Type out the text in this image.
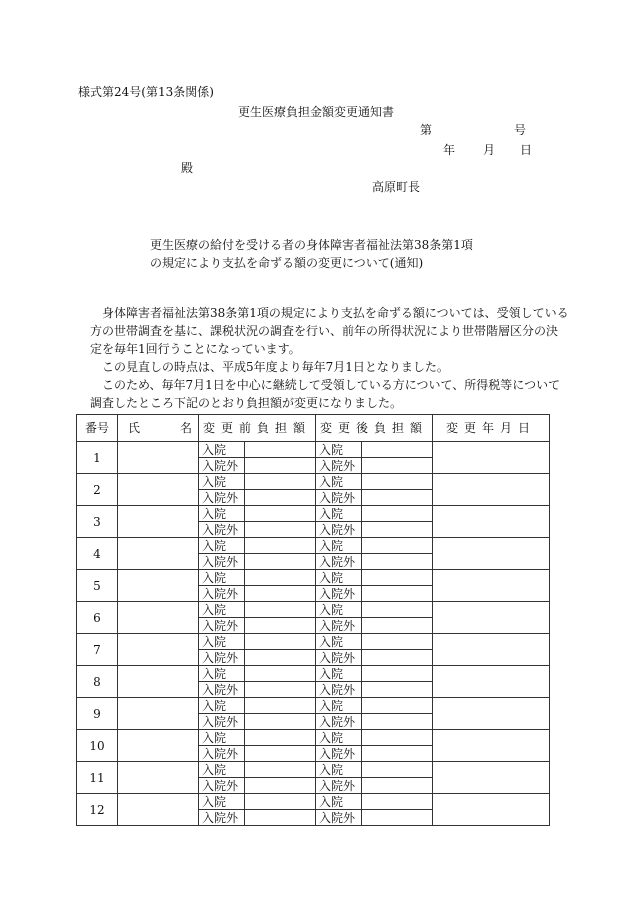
様式第24号(第13条関係)
更生医療負担金額変更通知書
第	号
年 月 日
殿
高原町長
更生医療の給付を受ける者の身体障害者福祉法第38条第1項
の規定により支払を命ずる額の変更について(通知)
身体障害者福祉法第38条第1項の規定により支払を命ずる額については、受領している
方の世帯調査を基に、課税状況の調査を行い、前年の所得状況により世帯階層区分の決
定を毎年1回行うことになっています。
この見直しの時点は、平成5年度より毎年7月1日となりました。
このため、毎年7月1日を中心に継続して受領している方について、所得税等について
調査したところ下記のとおり負担額が変更になりました。
番号	氏 名	変更前負担額		変更後負担額		変更年月日
1		入院		入院		
		入院外		入院外		
2		入院		入院		
		入院外		入院外		
3		入院		入院		
		入院外		入院外		
4		入院		入院		
		入院外		入院外		
5		入院		入院		
		入院外		入院外		
6		入院		入院		
		入院外		入院外		
7		入院		入院		
		入院外		入院外		
8		入院		入院		
		入院外		入院外		
9		入院		入院		
		入院外		入院外		
10		入院		入院		
		入院外		入院外		
11		入院		入院		
		入院外		入院外		
12		入院		入院		
		入院外		入院外		
